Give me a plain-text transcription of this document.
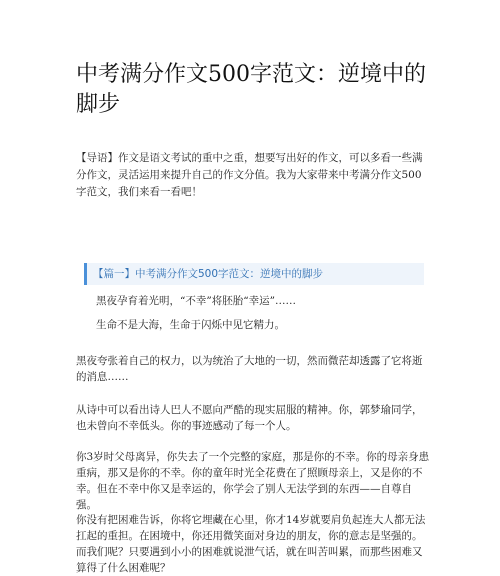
中考满分作文500字范文：逆境中的脚步

【导语】作文是语文考试的重中之重，想要写出好的作文，可以多看一些满分作文，灵活运用来提升自己的作文分值。我为大家带来中考满分作文500字范文，我们来看一看吧！

【篇一】中考满分作文500字范文：逆境中的脚步

黑夜孕育着光明，“不幸”将胚胎“幸运”……

生命不是大海，生命于闪烁中见它精力。

黑夜夸张着自己的权力，以为统治了大地的一切，然而微茫却透露了它将逝的消息……

从诗中可以看出诗人巴人不愿向严酷的现实屈服的精神。你，郭梦瑜同学，也未曾向不幸低头。你的事迹感动了每一个人。

你3岁时父母离异，你失去了一个完整的家庭，那是你的不幸。你的母亲身患重病，那又是你的不幸。你的童年时光全花费在了照顾母亲上，又是你的不幸。但在不幸中你又是幸运的，你学会了别人无法学到的东西——自尊自强。

你没有把困难告诉，你将它埋藏在心里，你才14岁就要肩负起连大人都无法扛起的重担。在困境中，你还用微笑面对身边的朋友，你的意志是坚强的。而我们呢？只要遇到小小的困难就说泄气话，就在叫苦叫累，而那些困难又算得了什么困难呢？
